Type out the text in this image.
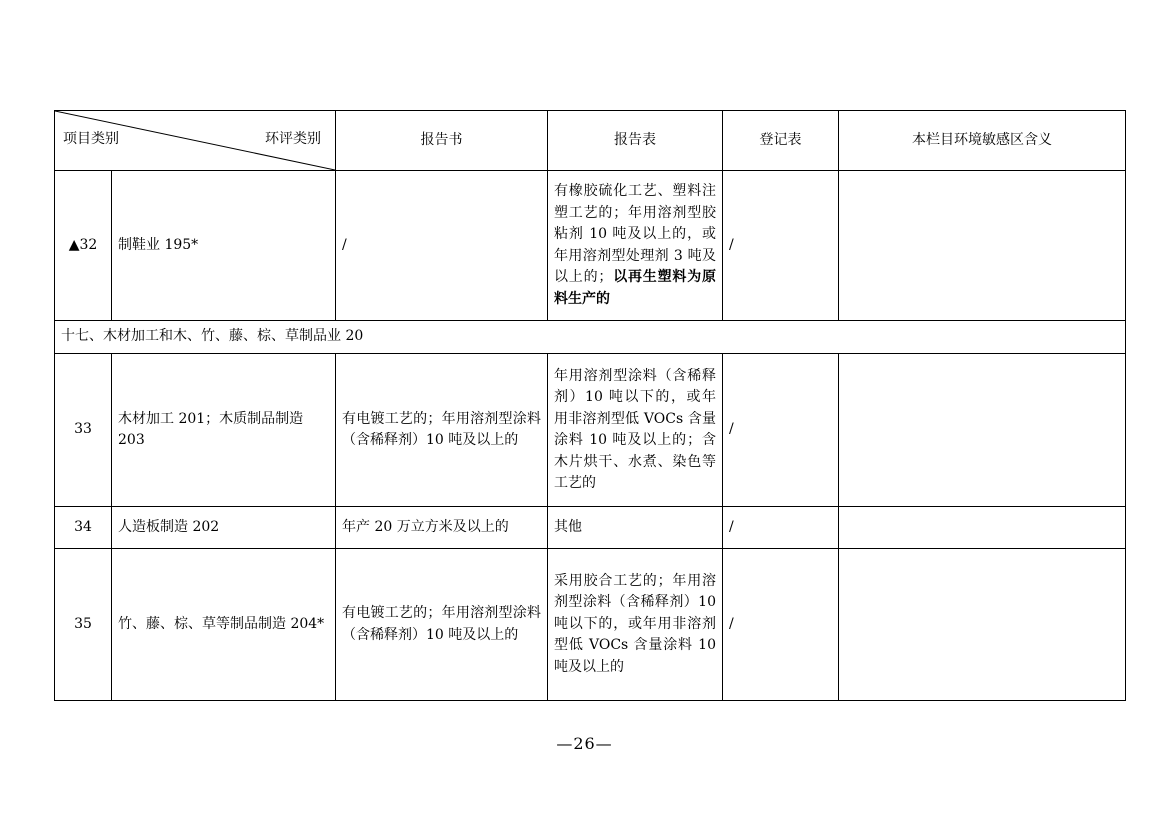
项目类别 环评类别		报告书	报告表	登记表	本栏目环境敏感区含义
▲32	制鞋业 195*	/	有橡胶硫化工艺、塑料注塑工艺的；年用溶剂型胶粘剂 10 吨及以上的，或年用溶剂型处理剂 3 吨及以上的；以再生塑料为原料生产的	/	
十七、木材加工和木、竹、藤、棕、草制品业 20					
33	木材加工 201；木质制品制造 203	有电镀工艺的；年用溶剂型涂料（含稀释剂）10 吨及以上的	年用溶剂型涂料（含稀释剂）10 吨以下的，或年用非溶剂型低 VOCs 含量涂料 10 吨及以上的；含木片烘干、水煮、染色等工艺的	/	
34	人造板制造 202	年产 20 万立方米及以上的	其他	/	
35	竹、藤、棕、草等制品制造 204*	有电镀工艺的；年用溶剂型涂料（含稀释剂）10 吨及以上的	采用胶合工艺的；年用溶剂型涂料（含稀释剂）10 吨以下的，或年用非溶剂型低 VOCs 含量涂料 10 吨及以上的	/	
—26—
